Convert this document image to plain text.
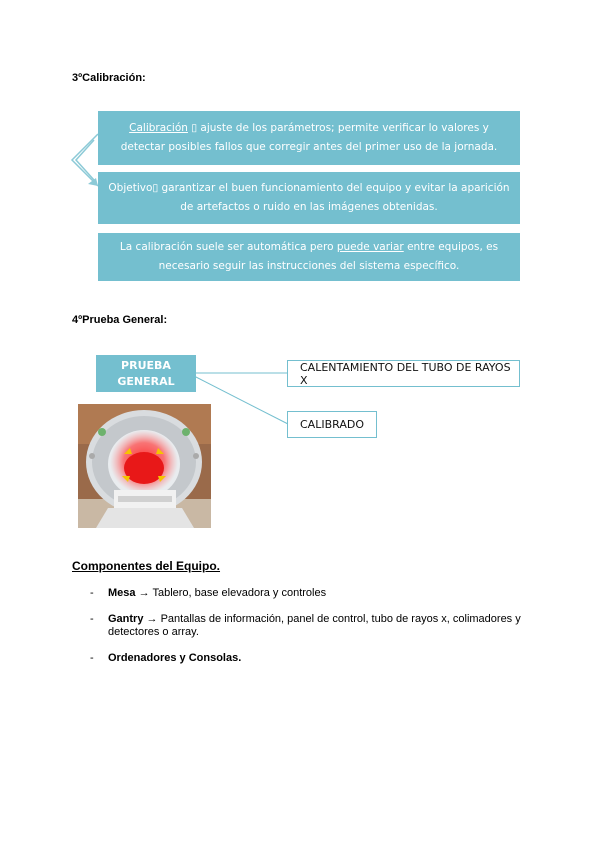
3ºCalibración:
Calibración ▯ ajuste de los parámetros; permite verificar lo valores y detectar posibles fallos que corregir antes del primer uso de la jornada.
Objetivo▯ garantizar el buen funcionamiento del equipo y evitar la aparición de artefactos o ruido en las imágenes obtenidas.
La calibración suele ser automática pero puede variar entre equipos, es necesario seguir las instrucciones del sistema específico.
4ºPrueba General:
PRUEBA GENERAL
CALENTAMIENTO DEL TUBO DE RAYOS X
CALIBRADO
Componentes del Equipo.
- Mesa → Tablero, base elevadora y controles
- Gantry → Pantallas de información, panel de control, tubo de rayos x, colimadores y detectores o array.
- Ordenadores y Consolas.
